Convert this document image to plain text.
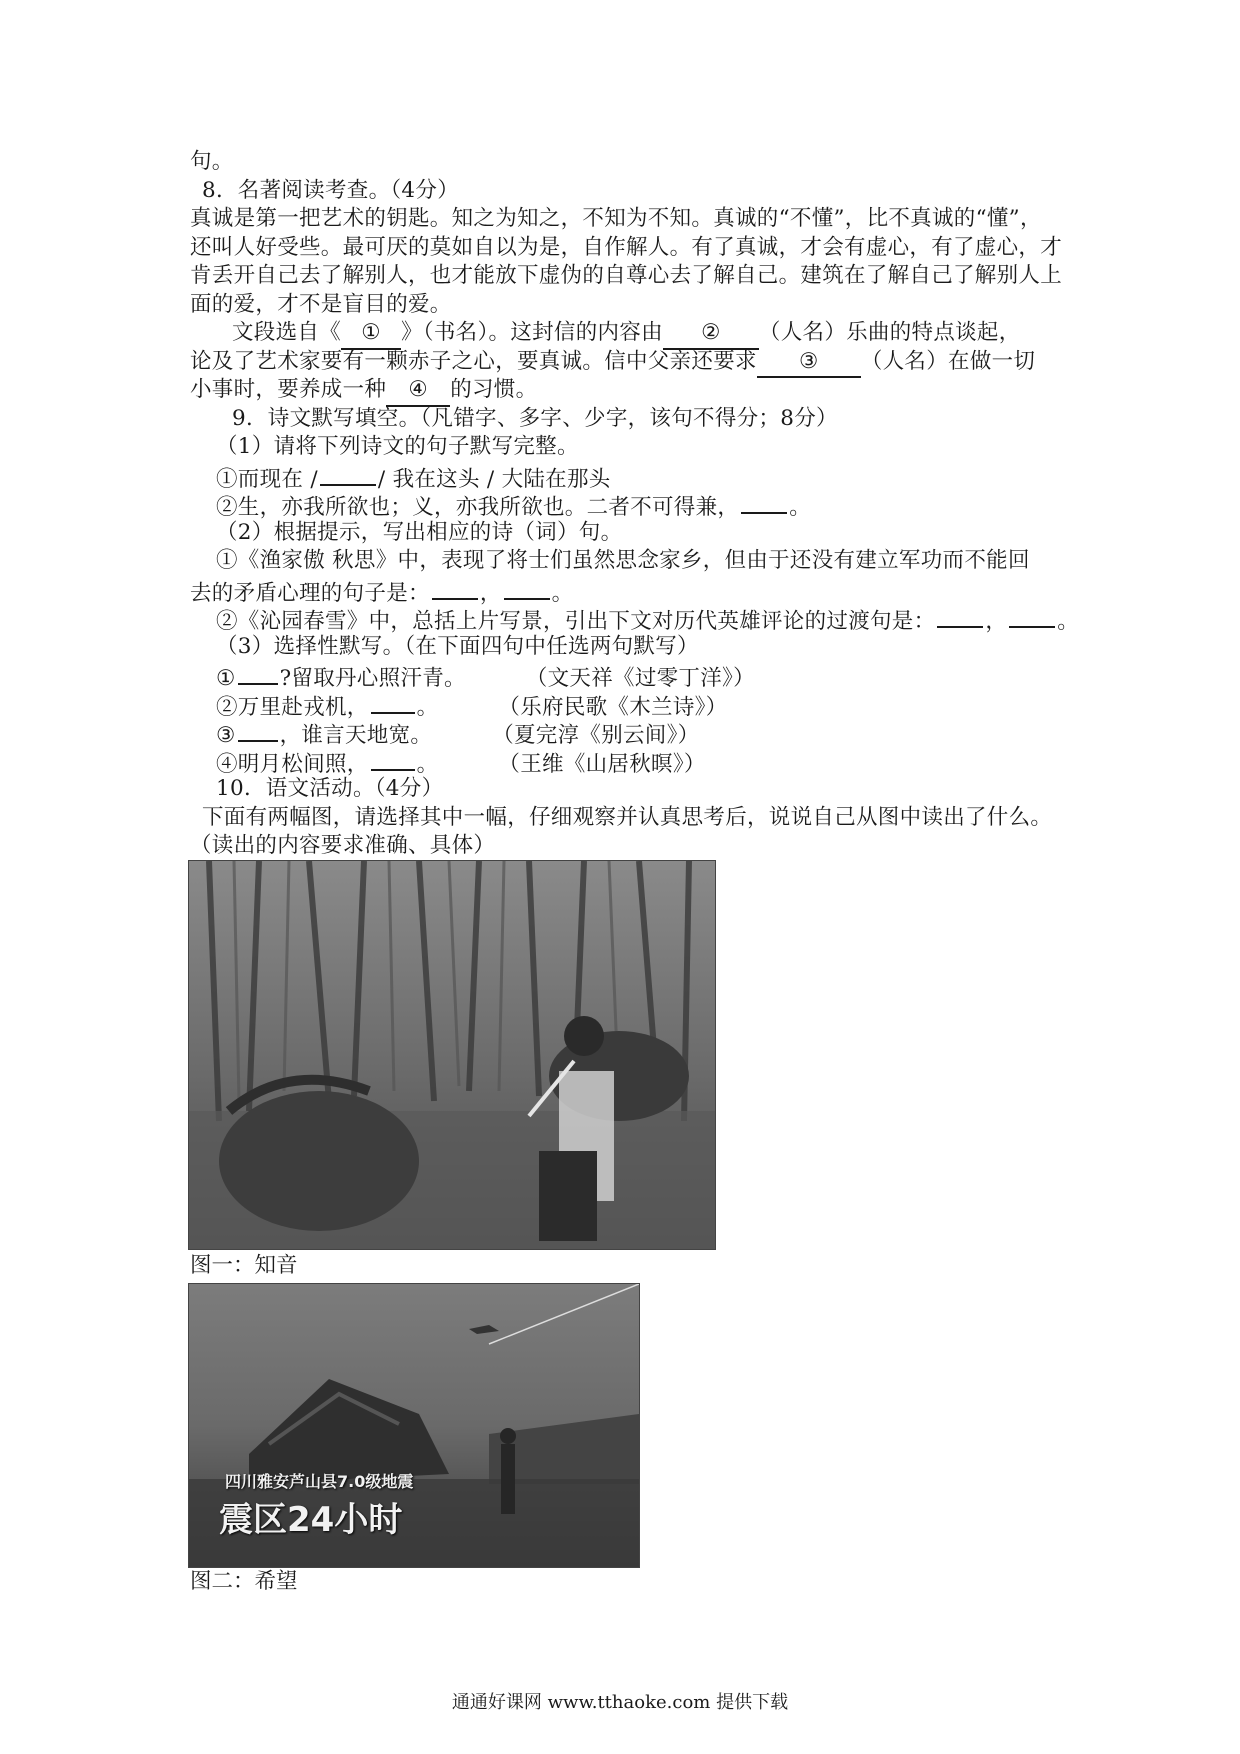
句。
8．名著阅读考查。（4分）
真诚是第一把艺术的钥匙。知之为知之，不知为不知。真诚的“不懂”，比不真诚的“懂”，
还叫人好受些。最可厌的莫如自以为是，自作解人。有了真诚，才会有虚心，有了虚心，才
肯丢开自己去了解别人，也才能放下虚伪的自尊心去了解自己。建筑在了解自己了解别人上
面的爱，才不是盲目的爱。
文段选自《 ① 》（书名）。这封信的内容由 ② （人名）乐曲的特点谈起，
论及了艺术家要有一颗赤子之心，要真诚。信中父亲还要求 ③ （人名）在做一切
小事时，要养成一种 ④ 的习惯。
9．诗文默写填空。（凡错字、多字、少字，该句不得分；8分）
（1）请将下列诗文的句子默写完整。
①而现在 /	/ 我在这头 / 大陆在那头
②生，亦我所欲也；义，亦我所欲也。二者不可得兼， 。
（2）根据提示，写出相应的诗（词）句。
①《渔家傲 秋思》中，表现了将士们虽然思念家乡，但由于还没有建立军功而不能回
去的矛盾心理的句子是： ， 。
②《沁园春雪》中，总括上片写景，引出下文对历代英雄评论的过渡句是： ， 。
（3）选择性默写。（在下面四句中任选两句默写）
① ?留取丹心照汗青。	（文天祥《过零丁洋》）
②万里赴戎机， 。	（乐府民歌《木兰诗》）
③ ，谁言天地宽。	（夏完淳《别云间》）
④明月松间照， 。	（王维《山居秋暝》）
10．语文活动。（4分）
下面有两幅图，请选择其中一幅，仔细观察并认真思考后，说说自己从图中读出了什么。
（读出的内容要求准确、具体）
图一：知音
四川雅安芦山县7.0级地震
震区24小时
图二：希望
通通好课网 www.tthaoke.com 提供下载
